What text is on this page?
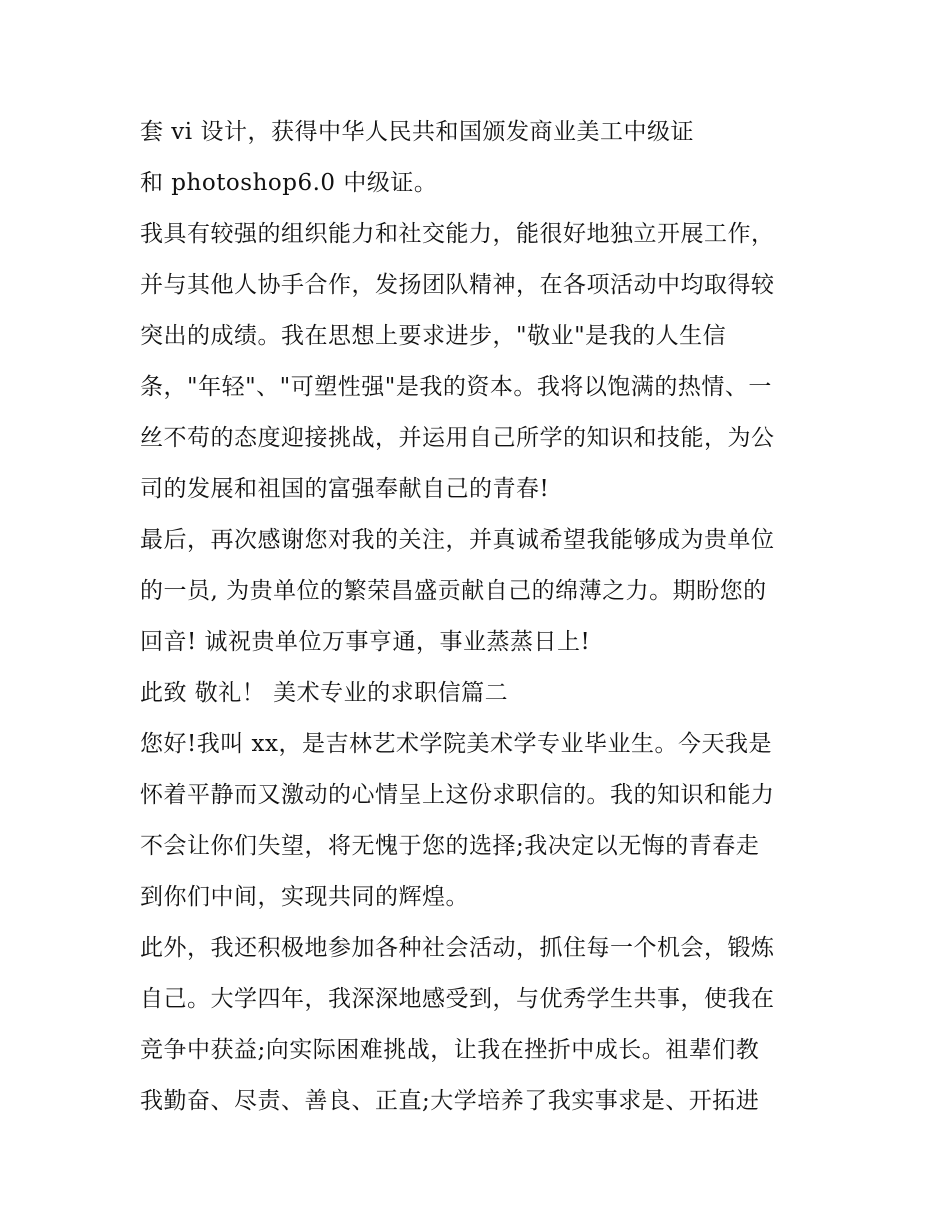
套 vi 设计，获得中华人民共和国颁发商业美工中级证
和 photoshop6.0 中级证。
我具有较强的组织能力和社交能力，能很好地独立开展工作，
并与其他人协手合作，发扬团队精神，在各项活动中均取得较
突出的成绩。我在思想上要求进步，"敬业"是我的人生信
条，"年轻"、"可塑性强"是我的资本。我将以饱满的热情、一
丝不苟的态度迎接挑战，并运用自己所学的知识和技能，为公
司的发展和祖国的富强奉献自己的青春!
最后，再次感谢您对我的关注，并真诚希望我能够成为贵单位
的一员, 为贵单位的繁荣昌盛贡献自己的绵薄之力。期盼您的
回音! 诚祝贵单位万事亨通，事业蒸蒸日上!
此致 敬礼！ 美术专业的求职信篇二
您好!我叫 xx，是吉林艺术学院美术学专业毕业生。今天我是
怀着平静而又激动的心情呈上这份求职信的。我的知识和能力
不会让你们失望，将无愧于您的选择;我决定以无悔的青春走
到你们中间，实现共同的辉煌。
此外，我还积极地参加各种社会活动，抓住每一个机会，锻炼
自己。大学四年，我深深地感受到，与优秀学生共事，使我在
竞争中获益;向实际困难挑战，让我在挫折中成长。祖辈们教
我勤奋、尽责、善良、正直;大学培养了我实事求是、开拓进
